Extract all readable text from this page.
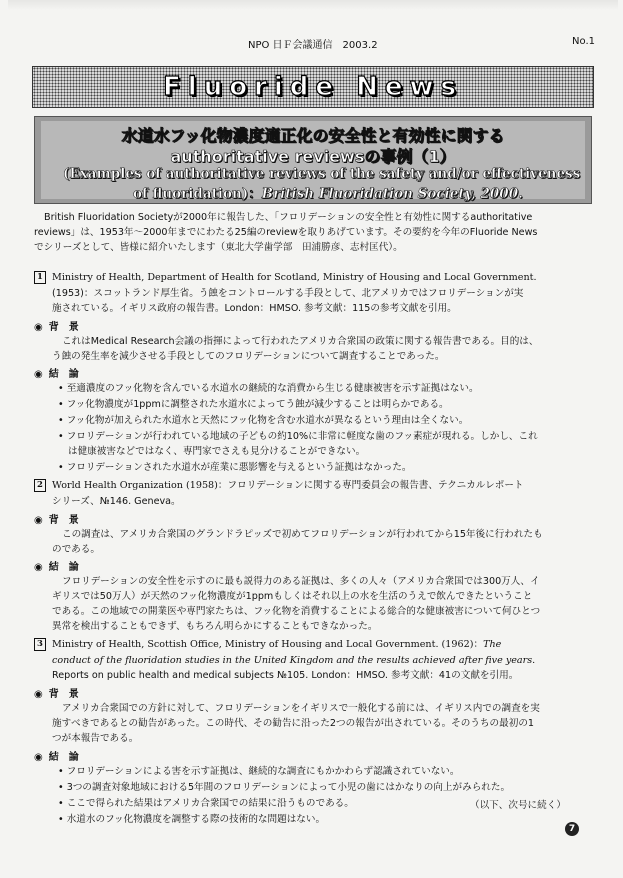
NPO 日Ｆ会議通信　2003.2	No.1
Fluoride News
水道水フッ化物濃度適正化の安全性と有効性に関する
authoritative reviewsの事例（1）
(Examples of authoritative reviews of the safety and/or effectiveness
of fluoridation)：British Fluoridation Society, 2000.
British Fluoridation Societyが2000年に報告した、「フロリデーションの安全性と有効性に関するauthoritative
reviews」は、1953年〜2000年までにわたる25編のreviewを取りあげています。その要約を今年のFluoride News
でシリーズとして、皆様に紹介いたします（東北大学歯学部　田浦勝彦、志村匡代）。
1 Ministry of Health, Department of Health for Scotland, Ministry of Housing and Local Government.
(1953)：スコットランド厚生省。う蝕をコントロールする手段として、北アメリカではフロリデーションが実
施されている。イギリス政府の報告書。London：HMSO. 参考文献：115の参考文献を引用。
◉ 背　景
これはMedical Research会議の指揮によって行われたアメリカ合衆国の政策に関する報告書である。目的は、
う蝕の発生率を減少させる手段としてのフロリデーションについて調査することであった。
◉ 結　論
• 至適濃度のフッ化物を含んでいる水道水の継続的な消費から生じる健康被害を示す証拠はない。
• フッ化物濃度が1ppmに調整された水道水によってう蝕が減少することは明らかである。
• フッ化物が加えられた水道水と天然にフッ化物を含む水道水が異なるという理由は全くない。
• フロリデーションが行われている地域の子どもの約10%に非常に軽度な歯のフッ素症が現れる。しかし、これ
は健康被害などではなく、専門家でさえも見分けることができない。
• フロリデーションされた水道水が産業に悪影響を与えるという証拠はなかった。
2 World Health Organization (1958)：フロリデーションに関する専門委員会の報告書、テクニカルレポート
シリーズ、№146. Geneva。
◉ 背　景
この調査は、アメリカ合衆国のグランドラピッズで初めてフロリデーションが行われてから15年後に行われたも
のである。
◉ 結　論
フロリデーションの安全性を示すのに最も説得力のある証拠は、多くの人々（アメリカ合衆国では300万人、イ
ギリスでは50万人）が天然のフッ化物濃度が1ppmもしくはそれ以上の水を生活のうえで飲んできたということ
である。この地域での開業医や専門家たちは、フッ化物を消費することによる総合的な健康被害について何ひとつ
異常を検出することもできず、もちろん明らかにすることもできなかった。
3 Ministry of Health, Scottish Office, Ministry of Housing and Local Government. (1962)：The
conduct of the fluoridation studies in the United Kingdom and the results achieved after five years.
Reports on public health and medical subjects №105. London：HMSO. 参考文献：41の文献を引用。
◉ 背　景
アメリカ合衆国での方針に対して、フロリデーションをイギリスで一般化する前には、イギリス内での調査を実
施すべきであるとの勧告があった。この時代、その勧告に沿った2つの報告が出されている。そのうちの最初の1
つが本報告である。
◉ 結　論
• フロリデーションによる害を示す証拠は、継続的な調査にもかかわらず認識されていない。
• 3つの調査対象地域における5年間のフロリデーションによって小児の歯にはかなりの向上がみられた。
• ここで得られた結果はアメリカ合衆国での結果に沿うものである。
• 水道水のフッ化物濃度を調整する際の技術的な問題はない。
（以下、次号に続く）
7
